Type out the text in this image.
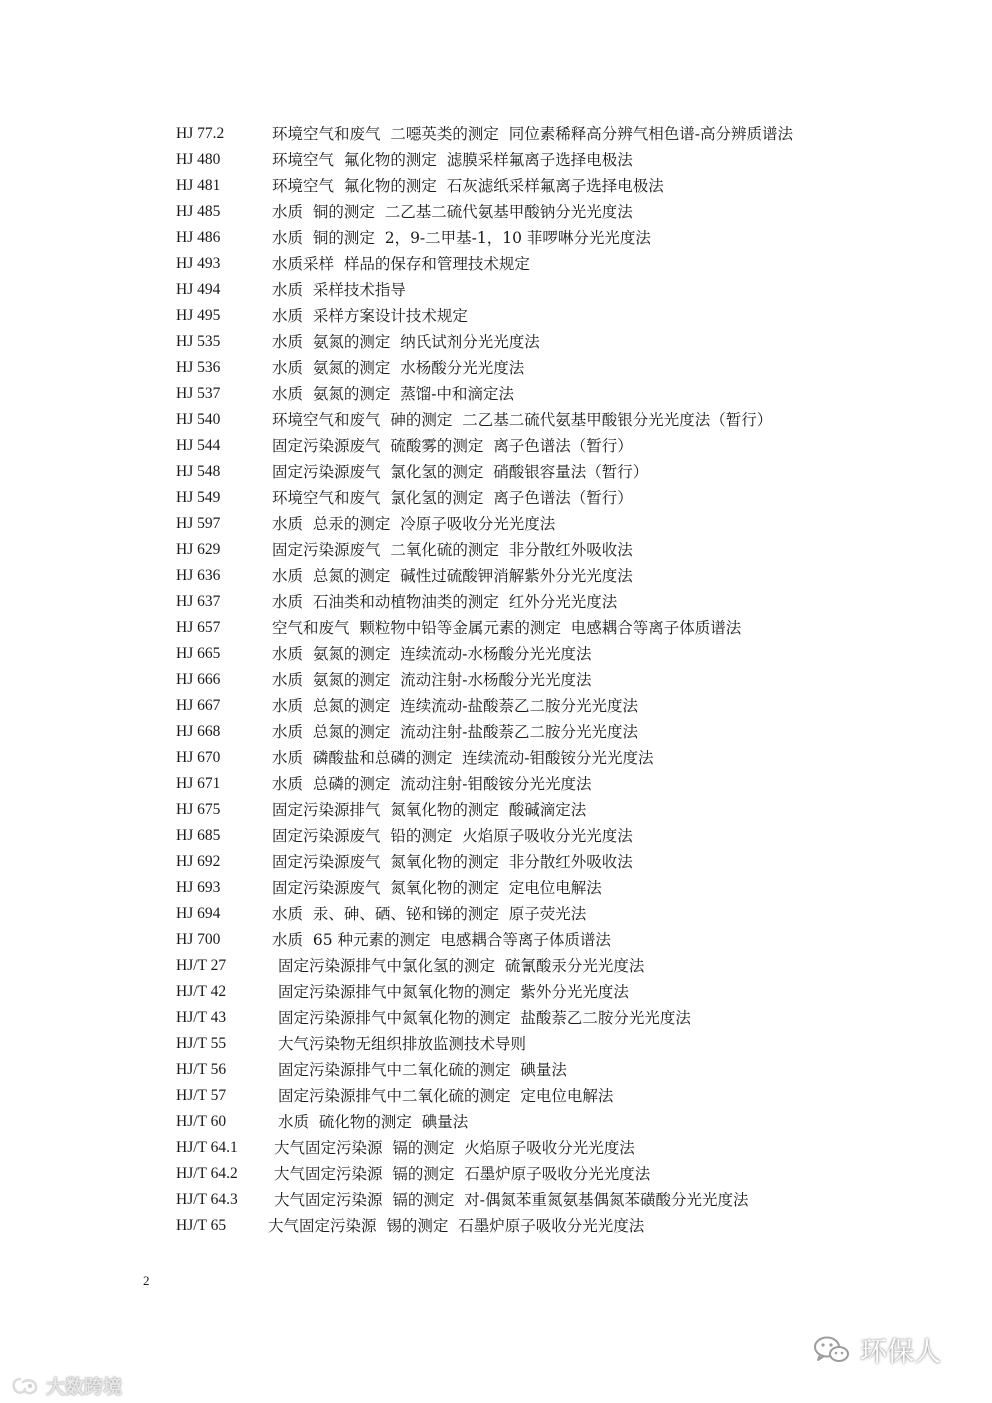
HJ 77.2	环境空气和废气  二噁英类的测定  同位素稀释高分辨气相色谱-高分辨质谱法
HJ 480	环境空气  氟化物的测定  滤膜采样氟离子选择电极法
HJ 481	环境空气  氟化物的测定  石灰滤纸采样氟离子选择电极法
HJ 485	水质  铜的测定  二乙基二硫代氨基甲酸钠分光光度法
HJ 486	水质  铜的测定  2，9-二甲基-1，10 菲啰啉分光光度法
HJ 493	水质采样  样品的保存和管理技术规定
HJ 494	水质  采样技术指导
HJ 495	水质  采样方案设计技术规定
HJ 535	水质  氨氮的测定  纳氏试剂分光光度法
HJ 536	水质  氨氮的测定  水杨酸分光光度法
HJ 537	水质  氨氮的测定  蒸馏-中和滴定法
HJ 540	环境空气和废气  砷的测定  二乙基二硫代氨基甲酸银分光光度法（暂行）
HJ 544	固定污染源废气  硫酸雾的测定  离子色谱法（暂行）
HJ 548	固定污染源废气  氯化氢的测定  硝酸银容量法（暂行）
HJ 549	环境空气和废气  氯化氢的测定  离子色谱法（暂行）
HJ 597	水质  总汞的测定  冷原子吸收分光光度法
HJ 629	固定污染源废气  二氧化硫的测定  非分散红外吸收法
HJ 636	水质  总氮的测定  碱性过硫酸钾消解紫外分光光度法
HJ 637	水质  石油类和动植物油类的测定  红外分光光度法
HJ 657	空气和废气  颗粒物中铅等金属元素的测定  电感耦合等离子体质谱法
HJ 665	水质  氨氮的测定  连续流动-水杨酸分光光度法
HJ 666	水质  氨氮的测定  流动注射-水杨酸分光光度法
HJ 667	水质  总氮的测定  连续流动-盐酸萘乙二胺分光光度法
HJ 668	水质  总氮的测定  流动注射-盐酸萘乙二胺分光光度法
HJ 670	水质  磷酸盐和总磷的测定  连续流动-钼酸铵分光光度法
HJ 671	水质  总磷的测定  流动注射-钼酸铵分光光度法
HJ 675	固定污染源排气  氮氧化物的测定  酸碱滴定法
HJ 685	固定污染源废气  铅的测定  火焰原子吸收分光光度法
HJ 692	固定污染源废气  氮氧化物的测定  非分散红外吸收法
HJ 693	固定污染源废气  氮氧化物的测定  定电位电解法
HJ 694	水质  汞、砷、硒、铋和锑的测定  原子荧光法
HJ 700	水质  65 种元素的测定  电感耦合等离子体质谱法
HJ/T 27	固定污染源排气中氯化氢的测定  硫氰酸汞分光光度法
HJ/T 42	固定污染源排气中氮氧化物的测定  紫外分光光度法
HJ/T 43	固定污染源排气中氮氧化物的测定  盐酸萘乙二胺分光光度法
HJ/T 55	大气污染物无组织排放监测技术导则
HJ/T 56	固定污染源排气中二氧化硫的测定  碘量法
HJ/T 57	固定污染源排气中二氧化硫的测定  定电位电解法
HJ/T 60	水质  硫化物的测定  碘量法
HJ/T 64.1	大气固定污染源  镉的测定  火焰原子吸收分光光度法
HJ/T 64.2	大气固定污染源  镉的测定  石墨炉原子吸收分光光度法
HJ/T 64.3	大气固定污染源  镉的测定  对-偶氮苯重氮氨基偶氮苯磺酸分光光度法
HJ/T 65	大气固定污染源  锡的测定  石墨炉原子吸收分光光度法
2
大数跨境
环保人
